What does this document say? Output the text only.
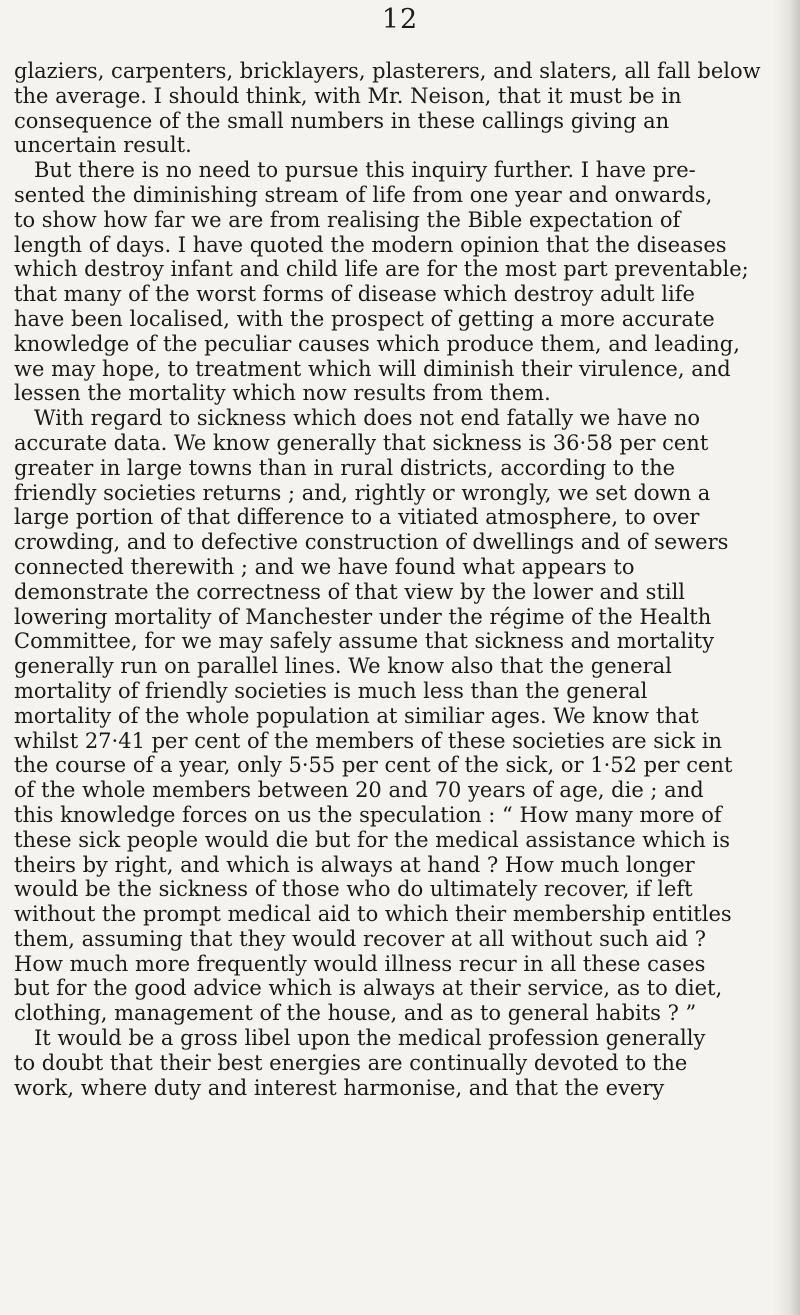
12
glaziers, carpenters, bricklayers, plasterers, and slaters, all fall below
the average. I should think, with Mr. Neison, that it must be in
consequence of the small numbers in these callings giving an
uncertain result.
But there is no need to pursue this inquiry further. I have pre-
sented the diminishing stream of life from one year and onwards,
to show how far we are from realising the Bible expectation of
length of days. I have quoted the modern opinion that the diseases
which destroy infant and child life are for the most part preventable;
that many of the worst forms of disease which destroy adult life
have been localised, with the prospect of getting a more accurate
knowledge of the peculiar causes which produce them, and leading,
we may hope, to treatment which will diminish their virulence, and
lessen the mortality which now results from them.
With regard to sickness which does not end fatally we have no
accurate data. We know generally that sickness is 36·58 per cent
greater in large towns than in rural districts, according to the
friendly societies returns ; and, rightly or wrongly, we set down a
large portion of that difference to a vitiated atmosphere, to over
crowding, and to defective construction of dwellings and of sewers
connected therewith ; and we have found what appears to
demonstrate the correctness of that view by the lower and still
lowering mortality of Manchester under the régime of the Health
Committee, for we may safely assume that sickness and mortality
generally run on parallel lines. We know also that the general
mortality of friendly societies is much less than the general
mortality of the whole population at similiar ages. We know that
whilst 27·41 per cent of the members of these societies are sick in
the course of a year, only 5·55 per cent of the sick, or 1·52 per cent
of the whole members between 20 and 70 years of age, die ; and
this knowledge forces on us the speculation : “ How many more of
these sick people would die but for the medical assistance which is
theirs by right, and which is always at hand ? How much longer
would be the sickness of those who do ultimately recover, if left
without the prompt medical aid to which their membership entitles
them, assuming that they would recover at all without such aid ?
How much more frequently would illness recur in all these cases
but for the good advice which is always at their service, as to diet,
clothing, management of the house, and as to general habits ? ”
It would be a gross libel upon the medical profession generally
to doubt that their best energies are continually devoted to the
work, where duty and interest harmonise, and that the every
